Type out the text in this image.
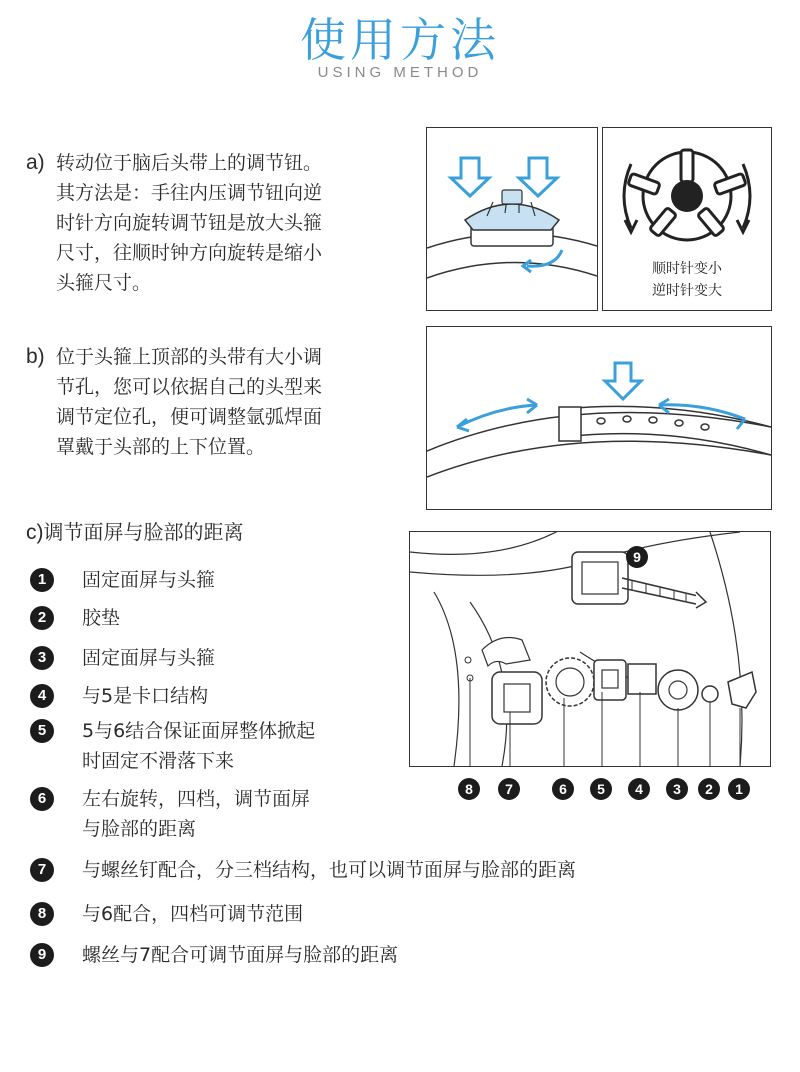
使用方法
USING METHOD
a) 转动位于脑后头带上的调节钮。
其方法是：手往内压调节钮向逆
时针方向旋转调节钮是放大头箍
尺寸，往顺时钟方向旋转是缩小
头箍尺寸。
顺时针变小
逆时针变大
b) 位于头箍上顶部的头带有大小调
节孔，您可以依据自己的头型来
调节定位孔，便可调整氩弧焊面
罩戴于头部的上下位置。
c)调节面屏与脸部的距离
1	固定面屏与头箍
2	胶垫
3	固定面屏与头箍
4	与5是卡口结构
5	5与6结合保证面屏整体掀起
时固定不滑落下来
6	左右旋转，四档，调节面屏
与脸部的距离
7	与螺丝钉配合，分三档结构，也可以调节面屏与脸部的距离
8	与6配合，四档可调节范围
9	螺丝与7配合可调节面屏与脸部的距离
9
8	7	6	5	4	3	2	1
